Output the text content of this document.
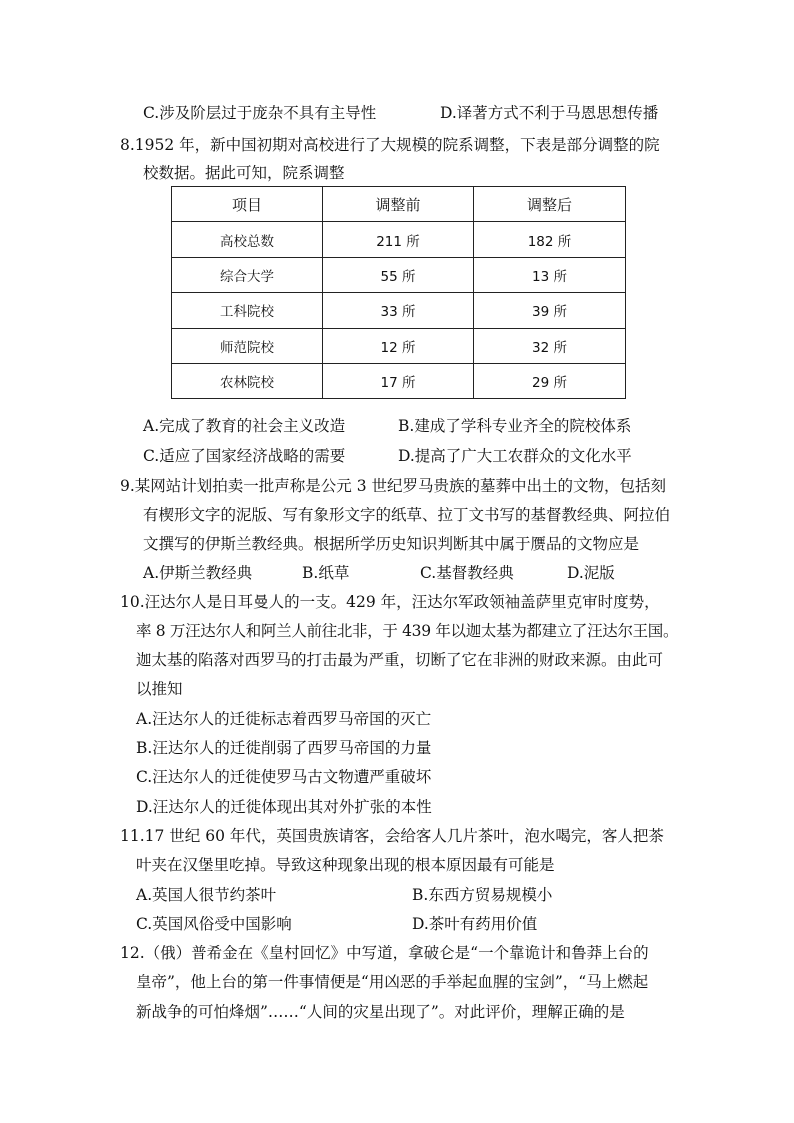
C.涉及阶层过于庞杂不具有主导性	D.译著方式不利于马恩思想传播
8.1952 年，新中国初期对高校进行了大规模的院系调整，下表是部分调整的院
校数据。据此可知，院系调整
项目	调整前	调整后
高校总数	211 所	182 所
综合大学	55 所	13 所
工科院校	33 所	39 所
师范院校	12 所	32 所
农林院校	17 所	29 所
A.完成了教育的社会主义改造	B.建成了学科专业齐全的院校体系
C.适应了国家经济战略的需要	D.提高了广大工农群众的文化水平
9.某网站计划拍卖一批声称是公元 3 世纪罗马贵族的墓葬中出土的文物，包括刻
有楔形文字的泥版、写有象形文字的纸草、拉丁文书写的基督教经典、阿拉伯
文撰写的伊斯兰教经典。根据所学历史知识判断其中属于赝品的文物应是
A.伊斯兰教经典	B.纸草	C.基督教经典	D.泥版
10.汪达尔人是日耳曼人的一支。429 年，汪达尔军政领袖盖萨里克审时度势，
率 8 万汪达尔人和阿兰人前往北非，于 439 年以迦太基为都建立了汪达尔王国。
迦太基的陷落对西罗马的打击最为严重，切断了它在非洲的财政来源。由此可
以推知
A.汪达尔人的迁徙标志着西罗马帝国的灭亡
B.汪达尔人的迁徙削弱了西罗马帝国的力量
C.汪达尔人的迁徙使罗马古文物遭严重破坏
D.汪达尔人的迁徙体现出其对外扩张的本性
11.17 世纪 60 年代，英国贵族请客，会给客人几片茶叶，泡水喝完，客人把茶
叶夹在汉堡里吃掉。导致这种现象出现的根本原因最有可能是
A.英国人很节约茶叶	B.东西方贸易规模小
C.英国风俗受中国影响	D.茶叶有药用价值
12.（俄）普希金在《皇村回忆》中写道，拿破仑是“一个靠诡计和鲁莽上台的
皇帝”，他上台的第一件事情便是“用凶恶的手举起血腥的宝剑”，“马上燃起
新战争的可怕烽烟”……“人间的灾星出现了”。对此评价，理解正确的是
